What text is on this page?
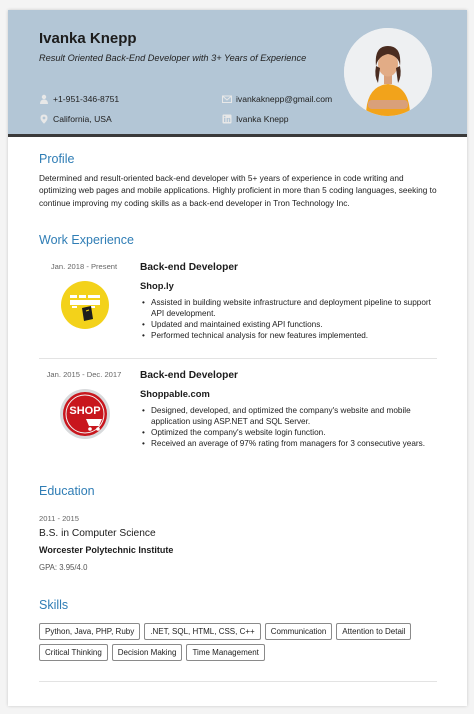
Ivanka Knepp
Result Oriented Back-End Developer with 3+ Years of Experience
+1-951-346-8751	ivankaknepp@gmail.com
California, USA	Ivanka Knepp
Profile
Determined and result-oriented back-end developer with 5+ years of experience in code writing and optimizing web pages and mobile applications. Highly proficient in more than 5 coding languages, seeking to continue improving my coding skills as a back-end developer in Tron Technology Inc.
Work Experience
Jan. 2018 - Present	Back-end Developer
Shop.ly
• Assisted in building website infrastructure and deployment pipeline to support API development.
• Updated and maintained existing API functions.
• Performed technical analysis for new features implemented.
Jan. 2015 - Dec. 2017
SHOP
Back-end Developer
Shoppable.com
• Designed, developed, and optimized the company's website and mobile application using ASP.NET and SQL Server.
• Optimized the company's website login function.
• Received an average of 97% rating from managers for 3 consecutive years.
Education
2011 - 2015
B.S. in Computer Science
Worcester Polytechnic Institute
GPA: 3.95/4.0
Skills
Python, Java, PHP, Ruby	.NET, SQL, HTML, CSS, C++	Communication	Attention to Detail
Critical Thinking	Decision Making	Time Management
